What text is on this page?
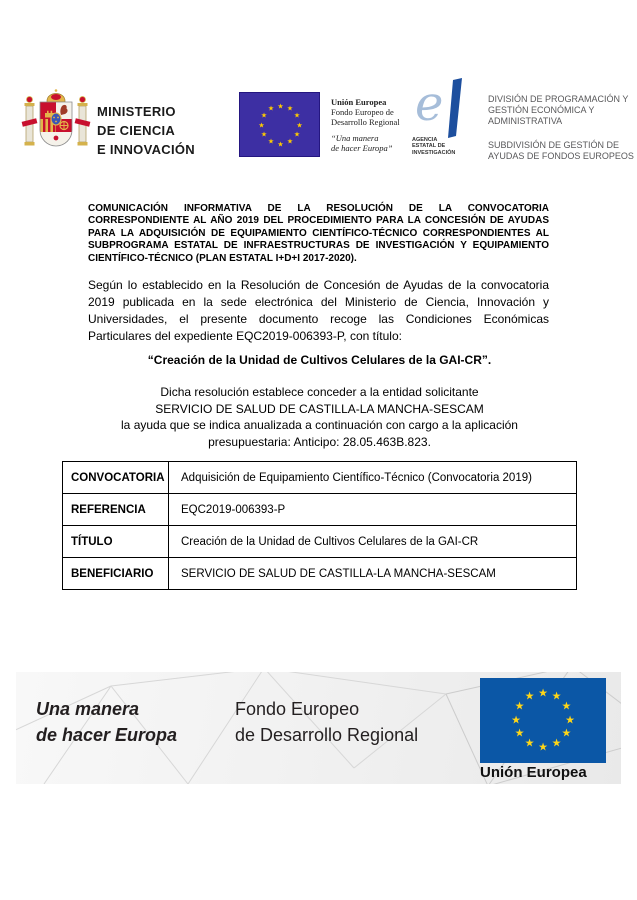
MINISTERIO
DE CIENCIA
E INNOVACIÓN
★ ★
★
★
★
★
★
★
★
★
★
★
Unión Europea
Fondo Europeo de
Desarrollo Regional
“Una manera
de hacer Europa”
e
AGENCIA
ESTATAL DE
INVESTIGACIÓN
DIVISIÓN DE PROGRAMACIÓN Y GESTIÓN ECONÓMICA Y ADMINISTRATIVA
SUBDIVISIÓN DE GESTIÓN DE AYUDAS DE FONDOS EUROPEOS

COMUNICACIÓN INFORMATIVA DE LA RESOLUCIÓN DE LA CONVOCATORIA CORRESPONDIENTE AL AÑO 2019 DEL PROCEDIMIENTO PARA LA CONCESIÓN DE AYUDAS PARA LA ADQUISICIÓN DE EQUIPAMIENTO CIENTÍFICO-TÉCNICO CORRESPONDIENTES AL SUBPROGRAMA ESTATAL DE INFRAESTRUCTURAS DE INVESTIGACIÓN Y EQUIPAMIENTO CIENTÍFICO-TÉCNICO (PLAN ESTATAL I+D+I 2017-2020).

Según lo establecido en la Resolución de Concesión de Ayudas de la convocatoria 2019 publicada en la sede electrónica del Ministerio de Ciencia, Innovación y Universidades, el presente documento recoge las Condiciones Económicas Particulares del expediente EQC2019-006393-P, con título:

“Creación de la Unidad de Cultivos Celulares de la GAI-CR”.

Dicha resolución establece conceder a la entidad solicitante
SERVICIO DE SALUD DE CASTILLA-LA MANCHA-SESCAM
la ayuda que se indica anualizada a continuación con cargo a la aplicación
presupuestaria: Anticipo: 28.05.463B.823.
CONVOCATORIA	Adquisición de Equipamiento Científico-Técnico (Convocatoria 2019)
REFERENCIA	EQC2019-006393-P
TÍTULO	Creación de la Unidad de Cultivos Celulares de la GAI-CR
BENEFICIARIO	SERVICIO DE SALUD DE CASTILLA-LA MANCHA-SESCAM
Una manera
de hacer Europa
Fondo Europeo
de Desarrollo Regional
★ ★
★
★
★
★
★
★
★
★
★
★
Unión Europea
